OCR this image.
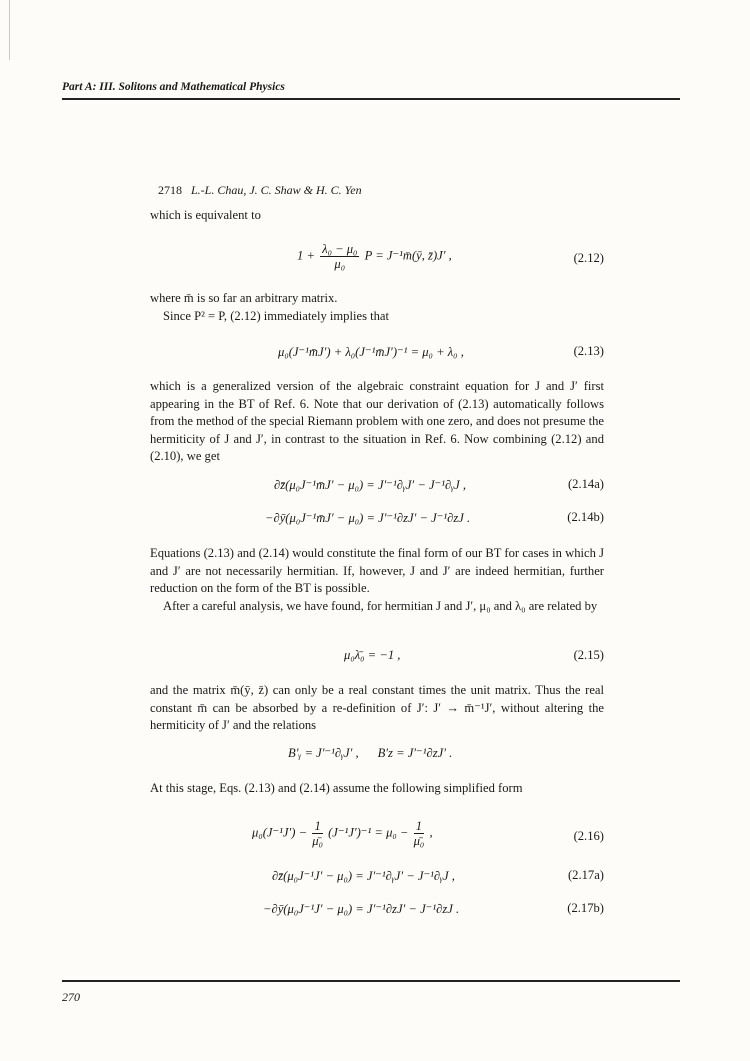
Part A: III. Solitons and Mathematical Physics
2718 L.-L. Chau, J. C. Shaw & H. C. Yen
which is equivalent to
$1 + \frac{\text{λ₀ − μ₀}}{\text{μ₀}}$ P = J⁻¹m̄(ȳ, z̄)J′ ,	(2.12)
where m̄ is so far an arbitrary matrix.
Since P² = P, (2.12) immediately implies that
μ₀(J⁻¹m̄J′) + λ₀(J⁻¹m̄J′)⁻¹ = μ₀ + λ₀ ,	(2.13)
which is a generalized version of the algebraic constraint equation for J and J′ first appearing in the BT of Ref. 6. Note that our derivation of (2.13) automatically follows from the method of the special Riemann problem with one zero, and does not presume the hermiticity of J and J′, in contrast to the situation in Ref. 6. Now combining (2.12) and (2.10), we get
∂z̄(μ₀J⁻¹m̄J′ − μ₀) = J′⁻¹∂ᵧJ′ − J⁻¹∂ᵧJ ,	(2.14a)
−∂ȳ(μ₀J⁻¹m̄J′ − μ₀) = J′⁻¹∂zJ′ − J⁻¹∂zJ .	(2.14b)
Equations (2.13) and (2.14) would constitute the final form of our BT for cases in which J and J′ are not necessarily hermitian. If, however, J and J′ are indeed hermitian, further reduction on the form of the BT is possible.
After a careful analysis, we have found, for hermitian J and J′, μ₀ and λ₀ are related by
μ₀λ̄₀ = −1 ,	(2.15)
and the matrix m̄(ȳ, z̄) can only be a real constant times the unit matrix. Thus the real constant m̄ can be absorbed by a re-definition of J′: J′ → m̄⁻¹J′, without altering the hermiticity of J′ and the relations
B′ᵧ = J′⁻¹∂ᵧJ′ ,      B′z = J′⁻¹∂zJ′ .
At this stage, Eqs. (2.13) and (2.14) assume the following simplified form
$\mu_0(J^{-1}J') - \frac{1}{\text{μ̄₀}} (J^{-1}J')^{-1} = \mu_0 - \frac{1}{\text{μ̄₀}}$ ,	(2.16)
∂z̄(μ₀J⁻¹J′ − μ₀) = J′⁻¹∂ᵧJ′ − J⁻¹∂ᵧJ ,	(2.17a)
−∂ȳ(μ₀J⁻¹J′ − μ₀) = J′⁻¹∂zJ′ − J⁻¹∂zJ .	(2.17b)
270
